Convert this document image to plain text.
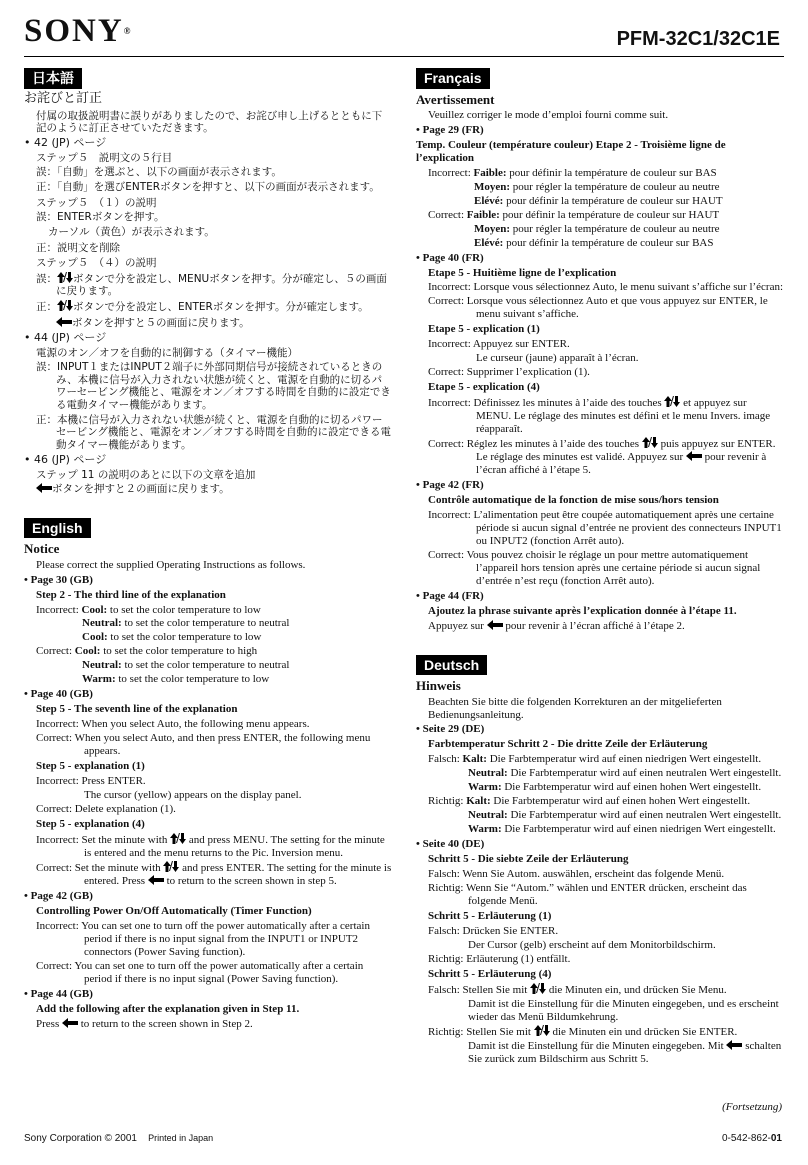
SONY®	PFM-32C1/32C1E
日本語
お詫びと訂正
付属の取扱説明書に誤りがありましたので、お詫び申し上げるとともに下記のように訂正させていただきます。
• 42 (JP) ページ
ステップ５　説明文の５行目
誤：「自動」を選ぶと、以下の画面が表示されます。
正：「自動」を選びENTERボタンを押すと、以下の画面が表示されます。
ステップ５　（１）の説明
誤：ENTERボタンを押す。
カーソル（黄色）が表示されます。
正：説明文を削除
ステップ５　（４）の説明
誤： ボタンで分を設定し、MENUボタンを押す。分が確定し、５の画面に戻ります。
正： ボタンで分を設定し、ENTERボタンを押す。分が確定します。
ボタンを押すと５の画面に戻ります。
• 44 (JP) ページ
電源のオン／オフを自動的に制御する（タイマー機能）
誤：INPUT１またはINPUT２端子に外部同期信号が接続されているときのみ、本機に信号が入力されない状態が続くと、電源を自動的に切るパワーセービング機能と、電源をオン／オフする時間を自動的に設定できる電動タイマー機能があります。
正：本機に信号が入力されない状態が続くと、電源を自動的に切るパワーセービング機能と、電源をオン／オフする時間を自動的に設定できる電動タイマー機能があります。
• 46 (JP) ページ
ステップ 11 の説明のあとに以下の文章を追加
ボタンを押すと２の画面に戻ります。
English
Notice
Please correct the supplied Operating Instructions as follows.
• Page 30 (GB)
Step 2 - The third line of the explanation
Incorrect: Cool: to set the color temperature to low
Neutral: to set the color temperature to neutral
Cool: to set the color temperature to low
Correct: Cool: to set the color temperature to high
Neutral: to set the color temperature to neutral
Warm: to set the color temperature to low
• Page 40 (GB)
Step 5 - The seventh line of the explanation
Incorrect: When you select Auto, the following menu appears.
Correct: When you select Auto, and then press ENTER, the following menu appears.
Step 5 - explanation (1)
Incorrect: Press ENTER.
The cursor (yellow) appears on the display panel.
Correct: Delete explanation (1).
Step 5 - explanation (4)
Incorrect: Set the minute with  and press MENU. The setting for the minute is entered and the menu returns to the Pic. Inversion menu.
Correct: Set the minute with  and press ENTER. The setting for the minute is entered. Press  to return to the screen shown in step 5.
• Page 42 (GB)
Controlling Power On/Off Automatically (Timer Function)
Incorrect: You can set one to turn off the power automatically after a certain period if there is no input signal from the INPUT1 or INPUT2 connectors (Power Saving function).
Correct: You can set one to turn off the power automatically after a certain period if there is no input signal (Power Saving function).
• Page 44 (GB)
Add the following after the explanation given in Step 11.
Press  to return to the screen shown in Step 2.
Français
Avertissement
Veuillez corriger le mode d’emploi fourni comme suit.
• Page 29 (FR)
Temp. Couleur (température couleur) Etape 2 - Troisième ligne de l’explication
Incorrect: Faible: pour définir la température de couleur sur BAS
Moyen: pour régler la température de couleur au neutre
Elévé: pour définir la température de couleur sur HAUT
Correct: Faible: pour définir la température de couleur sur HAUT
Moyen: pour régler la température de couleur au neutre
Elévé: pour définir la température de couleur sur BAS
• Page 40 (FR)
Etape 5 - Huitième ligne de l’explication
Incorrect: Lorsque vous sélectionnez Auto, le menu suivant s’affiche sur l’écran:
Correct: Lorsque vous sélectionnez Auto et que vous appuyez sur ENTER, le menu suivant s’affiche.
Etape 5 - explication (1)
Incorrect: Appuyez sur ENTER.
Le curseur (jaune) apparaît à l’écran.
Correct: Supprimer l’explication (1).
Etape 5 - explication (4)
Incorrect: Définissez les minutes à l’aide des touches  et appuyez sur MENU. Le réglage des minutes est défini et le menu Invers. image réapparaît.
Correct: Réglez les minutes à l’aide des touches  puis appuyez sur ENTER. Le réglage des minutes est validé. Appuyez sur  pour revenir à l’écran affiché à l’étape 5.
• Page 42 (FR)
Contrôle automatique de la fonction de mise sous/hors tension
Incorrect: L’alimentation peut être coupée automatiquement après une certaine période si aucun signal d’entrée ne provient des connecteurs INPUT1 ou INPUT2 (fonction Arrêt auto).
Correct: Vous pouvez choisir le réglage un pour mettre automatiquement l’appareil hors tension après une certaine période si aucun signal d’entrée n’est reçu (fonction Arrêt auto).
• Page 44 (FR)
Ajoutez la phrase suivante après l’explication donnée à l’étape 11.
Appuyez sur  pour revenir à l’écran affiché à l’étape 2.
Deutsch
Hinweis
Beachten Sie bitte die folgenden Korrekturen an der mitgelieferten Bedienungsanleitung.
• Seite 29 (DE)
Farbtemperatur Schritt 2 - Die dritte Zeile der Erläuterung
Falsch: Kalt: Die Farbtemperatur wird auf einen niedrigen Wert eingestellt.
Neutral: Die Farbtemperatur wird auf einen neutralen Wert eingestellt.
Warm: Die Farbtemperatur wird auf einen hohen Wert eingestellt.
Richtig: Kalt: Die Farbtemperatur wird auf einen hohen Wert eingestellt.
Neutral: Die Farbtemperatur wird auf einen neutralen Wert eingestellt.
Warm: Die Farbtemperatur wird auf einen niedrigen Wert eingestellt.
• Seite 40 (DE)
Schritt 5 - Die siebte Zeile der Erläuterung
Falsch: Wenn Sie Autom. auswählen, erscheint das folgende Menü.
Richtig: Wenn Sie “Autom.” wählen und ENTER drücken, erscheint das folgende Menü.
Schritt 5 - Erläuterung (1)
Falsch: Drücken Sie ENTER.
Der Cursor (gelb) erscheint auf dem Monitorbildschirm.
Richtig: Erläuterung (1) entfällt.
Schritt 5 - Erläuterung (4)
Falsch: Stellen Sie mit  die Minuten ein, und drücken Sie Menu.
Damit ist die Einstellung für die Minuten eingegeben, und es erscheint wieder das Menü Bildumkehrung.
Richtig: Stellen Sie mit  die Minuten ein und drücken Sie ENTER.
Damit ist die Einstellung für die Minuten eingegeben. Mit  schalten Sie zurück zum Bildschirm aus Schritt 5.
(Fortsetzung)
Sony Corporation © 2001 Printed in Japan	0-542-862-01
